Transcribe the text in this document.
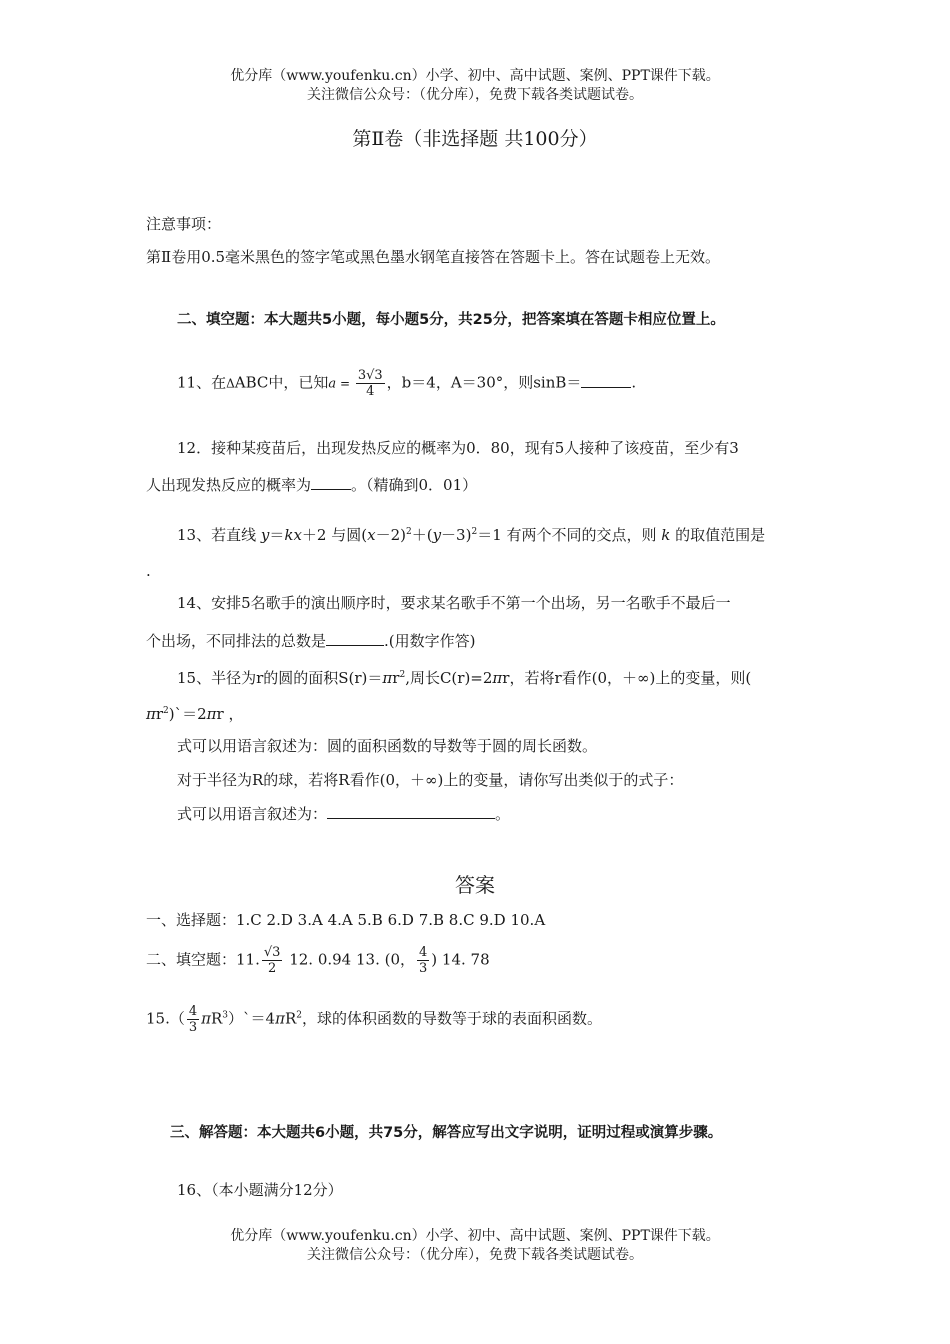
优分库（www.youfenku.cn）小学、初中、高中试题、案例、PPT课件下载。
关注微信公众号：（优分库），免费下载各类试题试卷。
第Ⅱ卷（非选择题 共100分）
注意事项：
第Ⅱ卷用0.5毫米黑色的签字笔或黑色墨水钢笔直接答在答题卡上。答在试题卷上无效。
二、填空题：本大题共5小题，每小题5分，共25分，把答案填在答题卡相应位置上。
11、在ΔABC中，已知$a = \frac{3√3}{4}$ ，b＝4，A＝30°，则sinB＝	.
12．接种某疫苗后，出现发热反应的概率为0．80，现有5人接种了该疫苗，至少有3
人出现发热反应的概率为	。（精确到0．01）
13、若直线 y＝kx＋2 与圆$(x-2)^2+(y-3)^2=1$ 有两个不同的交点，则 k 的取值范围是
.
14、安排5名歌手的演出顺序时，要求某名歌手不第一个出场，另一名歌手不最后一
个出场，不同排法的总数是	.(用数字作答)
15、半径为r的圆的面积$S(r)=\pi r^2$,周长C(r)=2πr，若将r看作(0，＋∞)上的变量，则(
$\pi r^2)`=2\pi r$ ，
式可以用语言叙述为：圆的面积函数的导数等于圆的周长函数。
对于半径为R的球，若将R看作(0，＋∞)上的变量，请你写出类似于的式子：
式可以用语言叙述为：	。
答案
一、选择题：1.C 2.D 3.A 4.A 5.B 6.D 7.B 8.C 9.D 10.A
二、填空题：11. $\frac{√3}{2} 12$. 0.94 13. (0， $\frac{4}{3}$ ) 14. 78
$15.( \frac{4}{3}$ $\pi R^3)`=4\pi R^2$，球的体积函数的导数等于球的表面积函数。
三、解答题：本大题共6小题，共75分，解答应写出文字说明，证明过程或演算步骤。
16、（本小题满分12分）
优分库（www.youfenku.cn）小学、初中、高中试题、案例、PPT课件下载。
关注微信公众号：（优分库），免费下载各类试题试卷。
